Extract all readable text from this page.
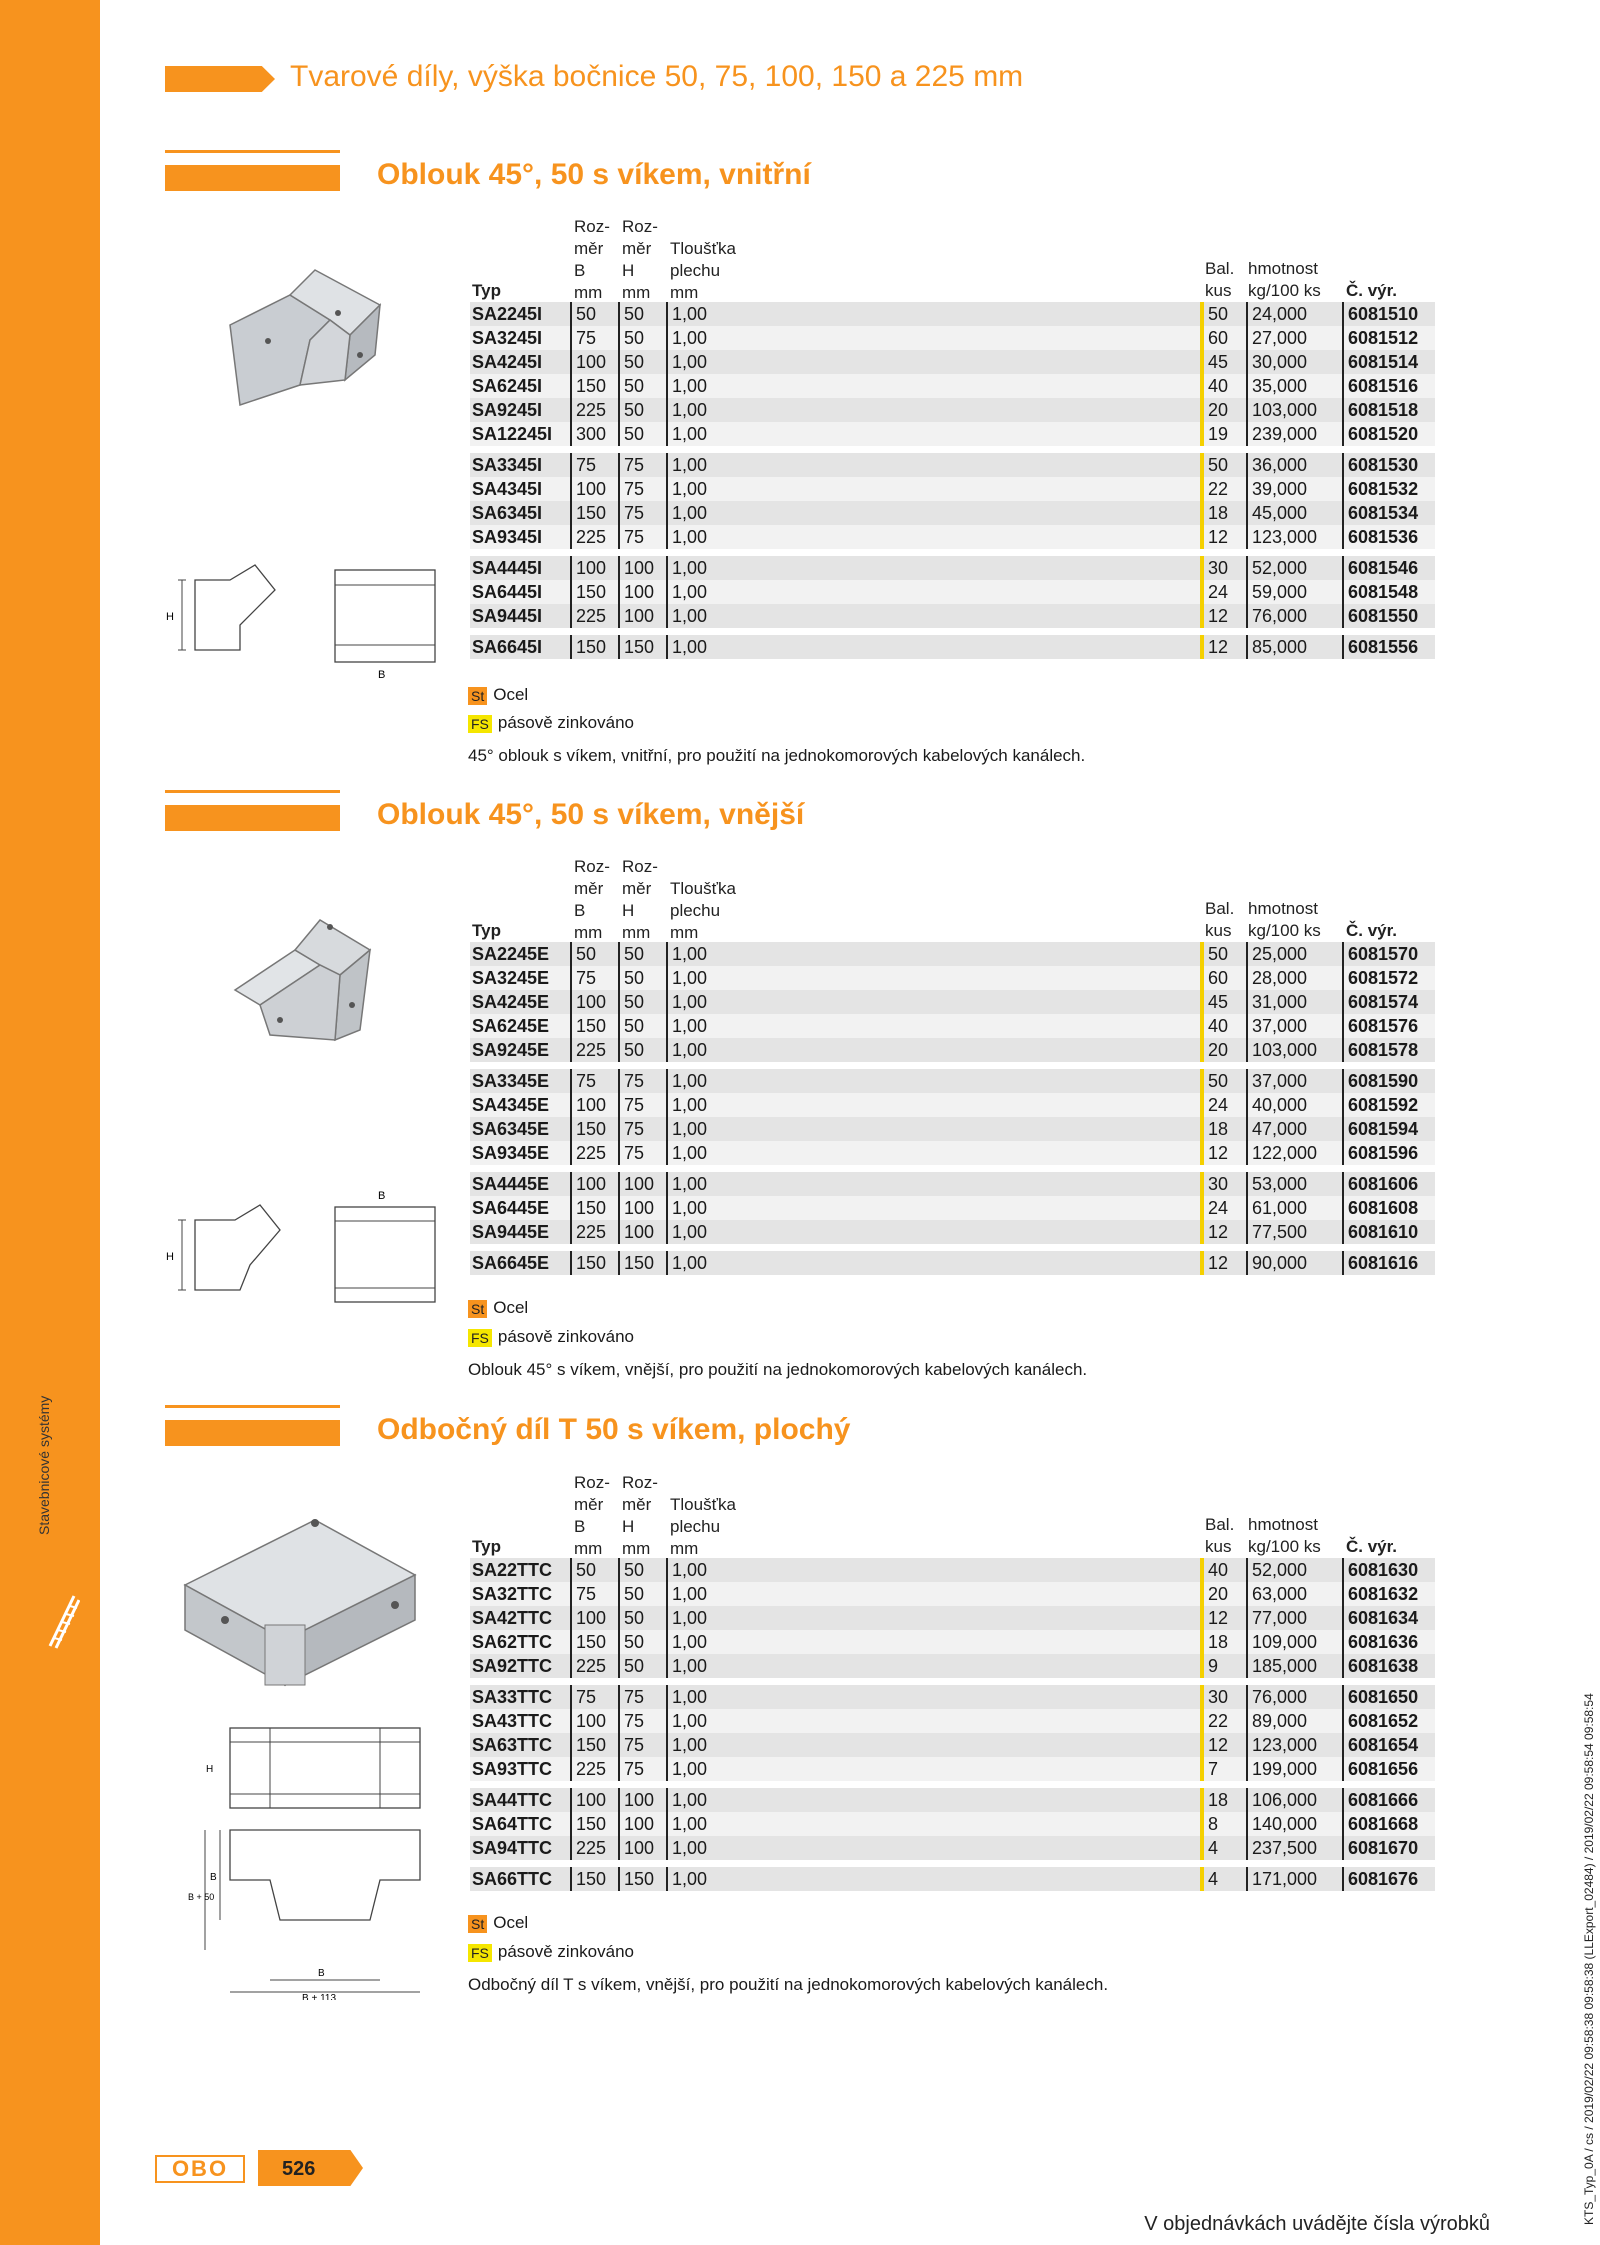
Stavebnicové systémy
KTS_Typ_0A / cs / 2019/02/22 09:58:38 09:58:38 (LLExport_02484) / 2019/02/22 09:58:54 09:58:54
Tvarové díly, výška bočnice 50, 75, 100, 150 a 225 mm
Oblouk 45°, 50 s víkem, vnitřní
H
B
Typ
Roz-
měr
B
mm
Roz-
měr
H
mm
Tloušťka
plechu
mm
Bal.
kus
hmotnost
kg/100 ks Č. výr.
SA2245I	50	50	1,00	50	24,000	6081510
SA3245I	75	50	1,00	60	27,000	6081512
SA4245I	100 50	1,00	45	30,000	6081514
SA6245I	150 50	1,00	40	35,000	6081516
SA9245I	225 50	1,00	20	103,000	6081518
SA12245I	300 50	1,00	19	239,000	6081520
SA3345I	75	75	1,00	50	36,000	6081530
SA4345I	100 75	1,00	22	39,000	6081532
SA6345I	150 75	1,00	18	45,000	6081534
SA9345I	225 75	1,00	12	123,000	6081536
SA4445I	100 100 1,00	30	52,000	6081546
SA6445I	150 100 1,00	24	59,000	6081548
SA9445I	225 100 1,00	12	76,000	6081550
SA6645I	150 150 1,00	12	85,000	6081556
St Ocel
FS pásově zinkováno
45° oblouk s víkem, vnitřní, pro použití na jednokomorových kabelových kanálech.
Oblouk 45°, 50 s víkem, vnější
H
B
Typ
Roz-
měr
B
mm
Roz-
měr
H
mm
Tloušťka
plechu
mm
Bal.
kus
hmotnost
kg/100 ks Č. výr.
SA2245E	50	50	1,00	50	25,000	6081570
SA3245E	75	50	1,00	60	28,000	6081572
SA4245E	100 50	1,00	45	31,000	6081574
SA6245E	150 50	1,00	40	37,000	6081576
SA9245E	225 50	1,00	20	103,000	6081578
SA3345E	75	75	1,00	50	37,000	6081590
SA4345E	100 75	1,00	24	40,000	6081592
SA6345E	150 75	1,00	18	47,000	6081594
SA9345E	225 75	1,00	12	122,000	6081596
SA4445E	100 100 1,00	30	53,000	6081606
SA6445E	150 100 1,00	24	61,000	6081608
SA9445E	225 100 1,00	12	77,500	6081610
SA6645E	150 150 1,00	12	90,000	6081616
St Ocel
FS pásově zinkováno
Oblouk 45° s víkem, vnější, pro použití na jednokomorových kabelových kanálech.
Odbočný díl T 50 s víkem, plochý
H
B
B + 50
B
B + 113
Typ
Roz-
měr
B
mm
Roz-
měr
H
mm
Tloušťka
plechu
mm
Bal.
kus
hmotnost
kg/100 ks Č. výr.
SA22TTC	50	50	1,00	40	52,000	6081630
SA32TTC	75	50	1,00	20	63,000	6081632
SA42TTC	100 50	1,00	12	77,000	6081634
SA62TTC	150 50	1,00	18	109,000	6081636
SA92TTC	225 50	1,00	9	185,000	6081638
SA33TTC	75	75	1,00	30	76,000	6081650
SA43TTC	100 75	1,00	22	89,000	6081652
SA63TTC	150 75	1,00	12	123,000	6081654
SA93TTC	225 75	1,00	7	199,000	6081656
SA44TTC	100 100 1,00	18	106,000	6081666
SA64TTC	150 100 1,00	8	140,000	6081668
SA94TTC	225 100 1,00	4	237,500	6081670
SA66TTC	150 150 1,00	4	171,000	6081676
St Ocel
FS pásově zinkováno
Odbočný díl T s víkem, vnější, pro použití na jednokomorových kabelových kanálech.
OBO	526
V objednávkách uvádějte čísla výrobků
